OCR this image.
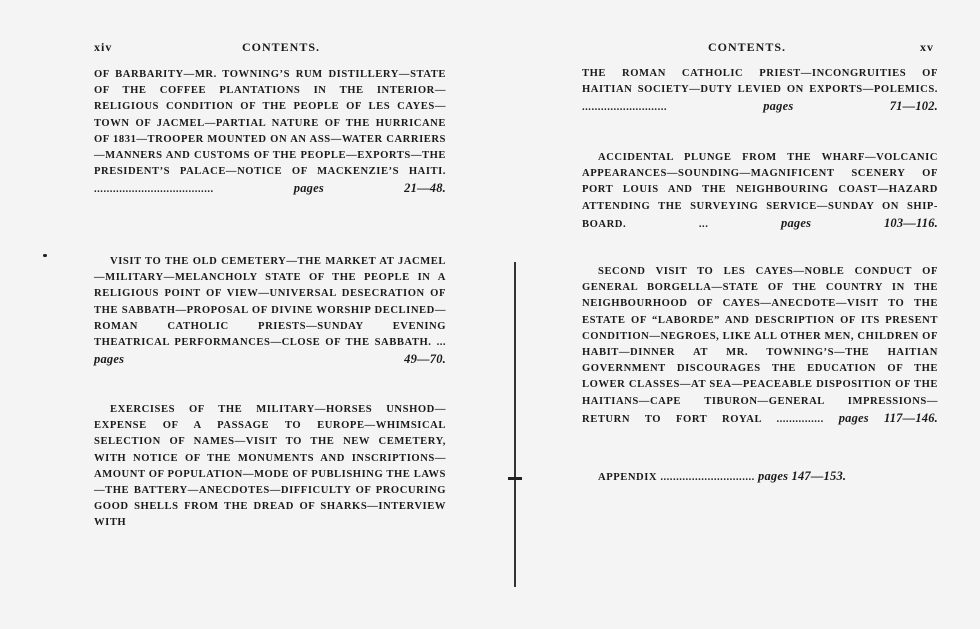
xiv	CONTENTS.
OF BARBARITY—MR. TOWNING’S RUM DISTILLERY—STATE OF THE COFFEE PLANTATIONS IN THE INTERIOR—RELIGIOUS CONDITION OF THE PEOPLE OF LES CAYES—TOWN OF JACMEL—PARTIAL NATURE OF THE HURRICANE OF 1831—TROOPER MOUNTED ON AN ASS—WATER CARRIERS—MANNERS AND CUSTOMS OF THE PEOPLE—EXPORTS—THE PRESIDENT’S PALACE—NOTICE OF MACKENZIE’S HAITI. ......................................	pages 21—48.
VISIT TO THE OLD CEMETERY—THE MARKET AT JACMEL—MILITARY—MELANCHOLY STATE OF THE PEOPLE IN A RELIGIOUS POINT OF VIEW—UNIVERSAL DESECRATION OF THE SABBATH—PROPOSAL OF DIVINE WORSHIP DECLINED—ROMAN CATHOLIC PRIESTS—SUNDAY EVENING THEATRICAL PERFORMANCES—CLOSE OF THE SABBATH. ... pages 49—70.
EXERCISES OF THE MILITARY—HORSES UNSHOD—EXPENSE OF A PASSAGE TO EUROPE—WHIMSICAL SELECTION OF NAMES—VISIT TO THE NEW CEMETERY, WITH NOTICE OF THE MONUMENTS AND INSCRIPTIONS—AMOUNT OF POPULATION—MODE OF PUBLISHING THE LAWS—THE BATTERY—ANECDOTES—DIFFICULTY OF PROCURING GOOD SHELLS FROM THE DREAD OF SHARKS—INTERVIEW WITH
CONTENTS.	xv
THE ROMAN CATHOLIC PRIEST—INCONGRUITIES OF HAITIAN SOCIETY—DUTY LEVIED ON EXPORTS—POLEMICS. ...........................	pages 71—102.
ACCIDENTAL PLUNGE FROM THE WHARF—VOLCANIC APPEARANCES—SOUNDING—MAGNIFICENT SCENERY OF PORT LOUIS AND THE NEIGHBOURING COAST—HAZARD ATTENDING THE SURVEYING SERVICE—SUNDAY ON SHIP-BOARD.	...	pages 103—116.
SECOND VISIT TO LES CAYES—NOBLE CONDUCT OF GENERAL BORGELLA—STATE OF THE COUNTRY IN THE NEIGHBOURHOOD OF CAYES—ANECDOTE—VISIT TO THE ESTATE OF “LABORDE” AND DESCRIPTION OF ITS PRESENT CONDITION—NEGROES, LIKE ALL OTHER MEN, CHILDREN OF HABIT—DINNER AT MR. TOWNING’S—THE HAITIAN GOVERNMENT DISCOURAGES THE EDUCATION OF THE LOWER CLASSES—AT SEA—PEACEABLE DISPOSITION OF THE HAITIANS—CAPE TIBURON—GENERAL IMPRESSIONS—RETURN TO FORT ROYAL ............... pages 117—146.
APPENDIX .............................. pages 147—153.
